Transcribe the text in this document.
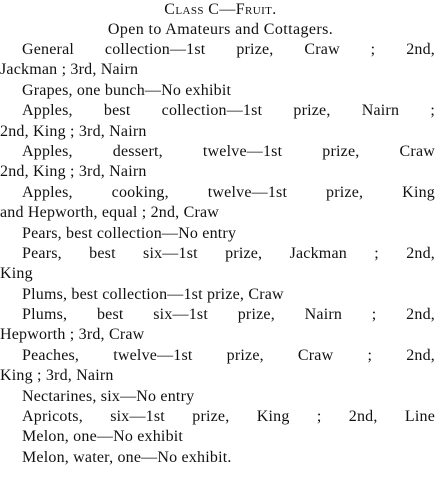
Class C—Fruit.
Open to Amateurs and Cottagers.
General collection—1st prize, Craw ; 2nd,
Jackman ; 3rd, Nairn
Grapes, one bunch—No exhibit
Apples, best collection—1st prize, Nairn ;
2nd, King ; 3rd, Nairn
Apples, dessert, twelve—1st prize, Craw
2nd, King ; 3rd, Nairn
Apples, cooking, twelve—1st prize, King
and Hepworth, equal ; 2nd, Craw
Pears, best collection—No entry
Pears, best six—1st prize, Jackman ; 2nd,
King
Plums, best collection—1st prize, Craw
Plums, best six—1st prize, Nairn ; 2nd,
Hepworth ; 3rd, Craw
Peaches, twelve—1st prize, Craw ; 2nd,
King ; 3rd, Nairn
Nectarines, six—No entry
Apricots, six—1st prize, King ; 2nd, Line
Melon, one—No exhibit
Melon, water, one—No exhibit.
